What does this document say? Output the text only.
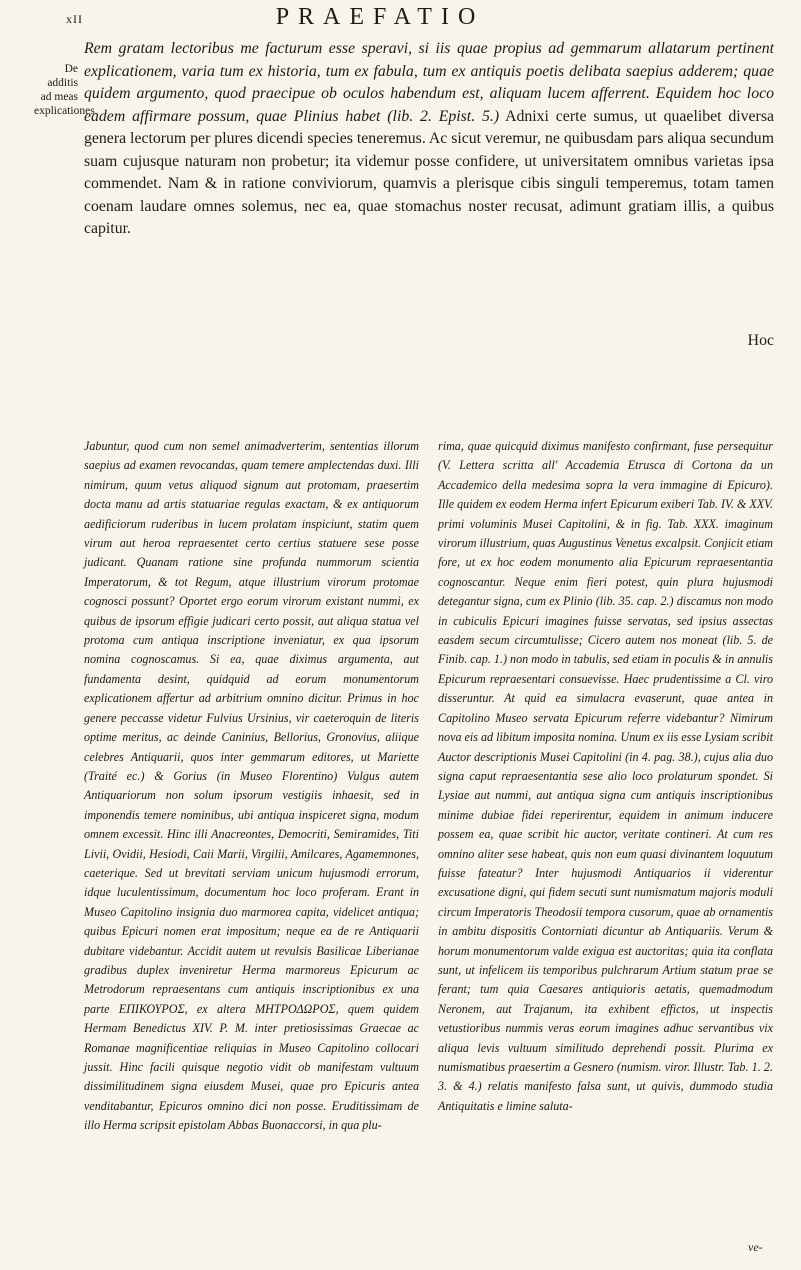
xII	PRAEFATIO
De additis ad meas explicationes.

Rem gratam lectoribus me facturum esse speravi, si iis quae propius ad gemmarum allatarum pertinent explicationem, varia tum ex historia, tum ex fabula, tum ex antiquis poetis delibata saepius adderem; quae quidem argumento, quod praecipue ob oculos habendum est, aliquam lucem afferrent. Equidem hoc loco eadem affirmare possum, quae Plinius habet (lib. 2. Epist. 5.) Adnixi certe sumus, ut quaelibet diversa genera lectorum per plures dicendi species teneremus. Ac sicut veremur, ne quibusdam pars aliqua secundum suam cujusque naturam non probetur; ita videmur posse confidere, ut universitatem omnibus varietas ipsa commendet. Nam & in ratione conviviorum, quamvis a plerisque cibis singuli temperemus, totam tamen coenam laudare omnes solemus, nec ea, quae stomachus noster recusat, adimunt gratiam illis, a quibus capitur.

Hoc

Jabuntur, quod cum non semel animadverterim, sententias illorum saepius ad examen revocandas, quam temere amplectendas duxi. Illi nimirum, quum vetus aliquod signum aut protomam, praesertim docta manu ad artis statuariae regulas exactam, & ex antiquorum aedificiorum ruderibus in lucem prolatam inspiciunt, statim quem virum aut heroa repraesentet certo certius statuere sese posse judicant. Quanam ratione sine profunda nummorum scientia Imperatorum, & tot Regum, atque illustrium virorum protomae cognosci possunt? Oportet ergo eorum virorum existant nummi, ex quibus de ipsorum effigie judicari certo possit, aut aliqua statua vel protoma cum antiqua inscriptione inveniatur, ex qua ipsorum nomina cognoscamus. Si ea, quae diximus argumenta, aut fundamenta desint, quidquid ad eorum monumentorum explicationem affertur ad arbitrium omnino dicitur. Primus in hoc genere peccasse videtur Fulvius Ursinius, vir caeteroquin de literis optime meritus, ac deinde Caninius, Bellorius, Gronovius, aliique celebres Antiquarii, quos inter gemmarum editores, ut Mariette (Traité ec.) & Gorius (in Museo Florentino) Vulgus autem Antiquariorum non solum ipsorum vestigiis inhaesit, sed in imponendis temere nominibus, ubi antiqua inspiceret signa, modum omnem excessit. Hinc illi Anacreontes, Democriti, Semiramides, Titi Livii, Ovidii, Hesiodi, Caii Marii, Virgilii, Amilcares, Agamemnones, caeterique. Sed ut brevitati serviam unicum hujusmodi errorum, idque luculentissimum, documentum hoc loco proferam. Erant in Museo Capitolino insignia duo marmorea capita, videlicet antiqua; quibus Epicuri nomen erat impositum; neque ea de re Antiquarii dubitare videbantur. Accidit autem ut revulsis Basilicae Liberianae gradibus duplex inveniretur Herma marmoreus Epicurum ac Metrodorum repraesentans cum antiquis inscriptionibus ex una parte ΕΠΙΚΟΥΡΟΣ, ex altera ΜΗΤΡΟΔΩΡΟΣ, quem quidem Hermam Benedictus XIV. P. M. inter pretiosissimas Graecae ac Romanae magnificentiae reliquias in Museo Capitolino collocari jussit. Hinc facili quisque negotio vidit ob manifestam vultuum dissimilitudinem signa eiusdem Musei, quae pro Epicuris antea venditabantur, Epicuros omnino dici non posse. Eruditissimam de illo Herma scripsit epistolam Abbas Buonaccorsi, in qua plu-

rima, quae quicquid diximus manifesto confirmant, fuse persequitur (V. Lettera scritta all' Accademia Etrusca di Cortona da un Accademico della medesima sopra la vera immagine di Epicuro). Ille quidem ex eodem Herma infert Epicurum exiberi Tab. IV. & XXV. primi voluminis Musei Capitolini, & in fig. Tab. XXX. imaginum virorum illustrium, quas Augustinus Venetus excalpsit. Conjicit etiam fore, ut ex hoc eodem monumento alia Epicurum repraesentantia cognoscantur. Neque enim fieri potest, quin plura hujusmodi detegantur signa, cum ex Plinio (lib. 35. cap. 2.) discamus non modo in cubiculis Epicuri imagines fuisse servatas, sed ipsius assectas easdem secum circumtulisse; Cicero autem nos moneat (lib. 5. de Finib. cap. 1.) non modo in tabulis, sed etiam in poculis & in annulis Epicurum repraesentari consuevisse. Haec prudentissime a Cl. viro disseruntur. At quid ea simulacra evaserunt, quae antea in Capitolino Museo servata Epicurum referre videbantur? Nimirum nova eis ad libitum imposita nomina. Unum ex iis esse Lysiam scribit Auctor descriptionis Musei Capitolini (in 4. pag. 38.), cujus alia duo signa caput repraesentantia sese alio loco prolaturum spondet. Si Lysiae aut nummi, aut antiqua signa cum antiquis inscriptionibus minime dubiae fidei reperirentur, equidem in animum inducere possem ea, quae scribit hic auctor, veritate contineri. At cum res omnino aliter sese habeat, quis non eum quasi divinantem loquutum fuisse fateatur? Inter hujusmodi Antiquarios ii viderentur excusatione digni, qui fidem secuti sunt numismatum majoris moduli circum Imperatoris Theodosii tempora cusorum, quae ab ornamentis in ambitu dispositis Contorniati dicuntur ab Antiquariis. Verum & horum monumentorum valde exigua est auctoritas; quia ita conflata sunt, ut infelicem iis temporibus pulchrarum Artium statum prae se ferant; tum quia Caesares antiquioris aetatis, quemadmodum Neronem, aut Trajanum, ita exhibent effictos, ut inspectis vetustioribus nummis veras eorum imagines adhuc servantibus vix aliqua levis vultuum similitudo deprehendi possit. Plurima ex numismatibus praesertim a Gesnero (numism. viror. Illustr. Tab. 1. 2. 3. & 4.) relatis manifesto falsa sunt, ut quivis, dummodo studia Antiquitatis e limine saluta-

ve-
